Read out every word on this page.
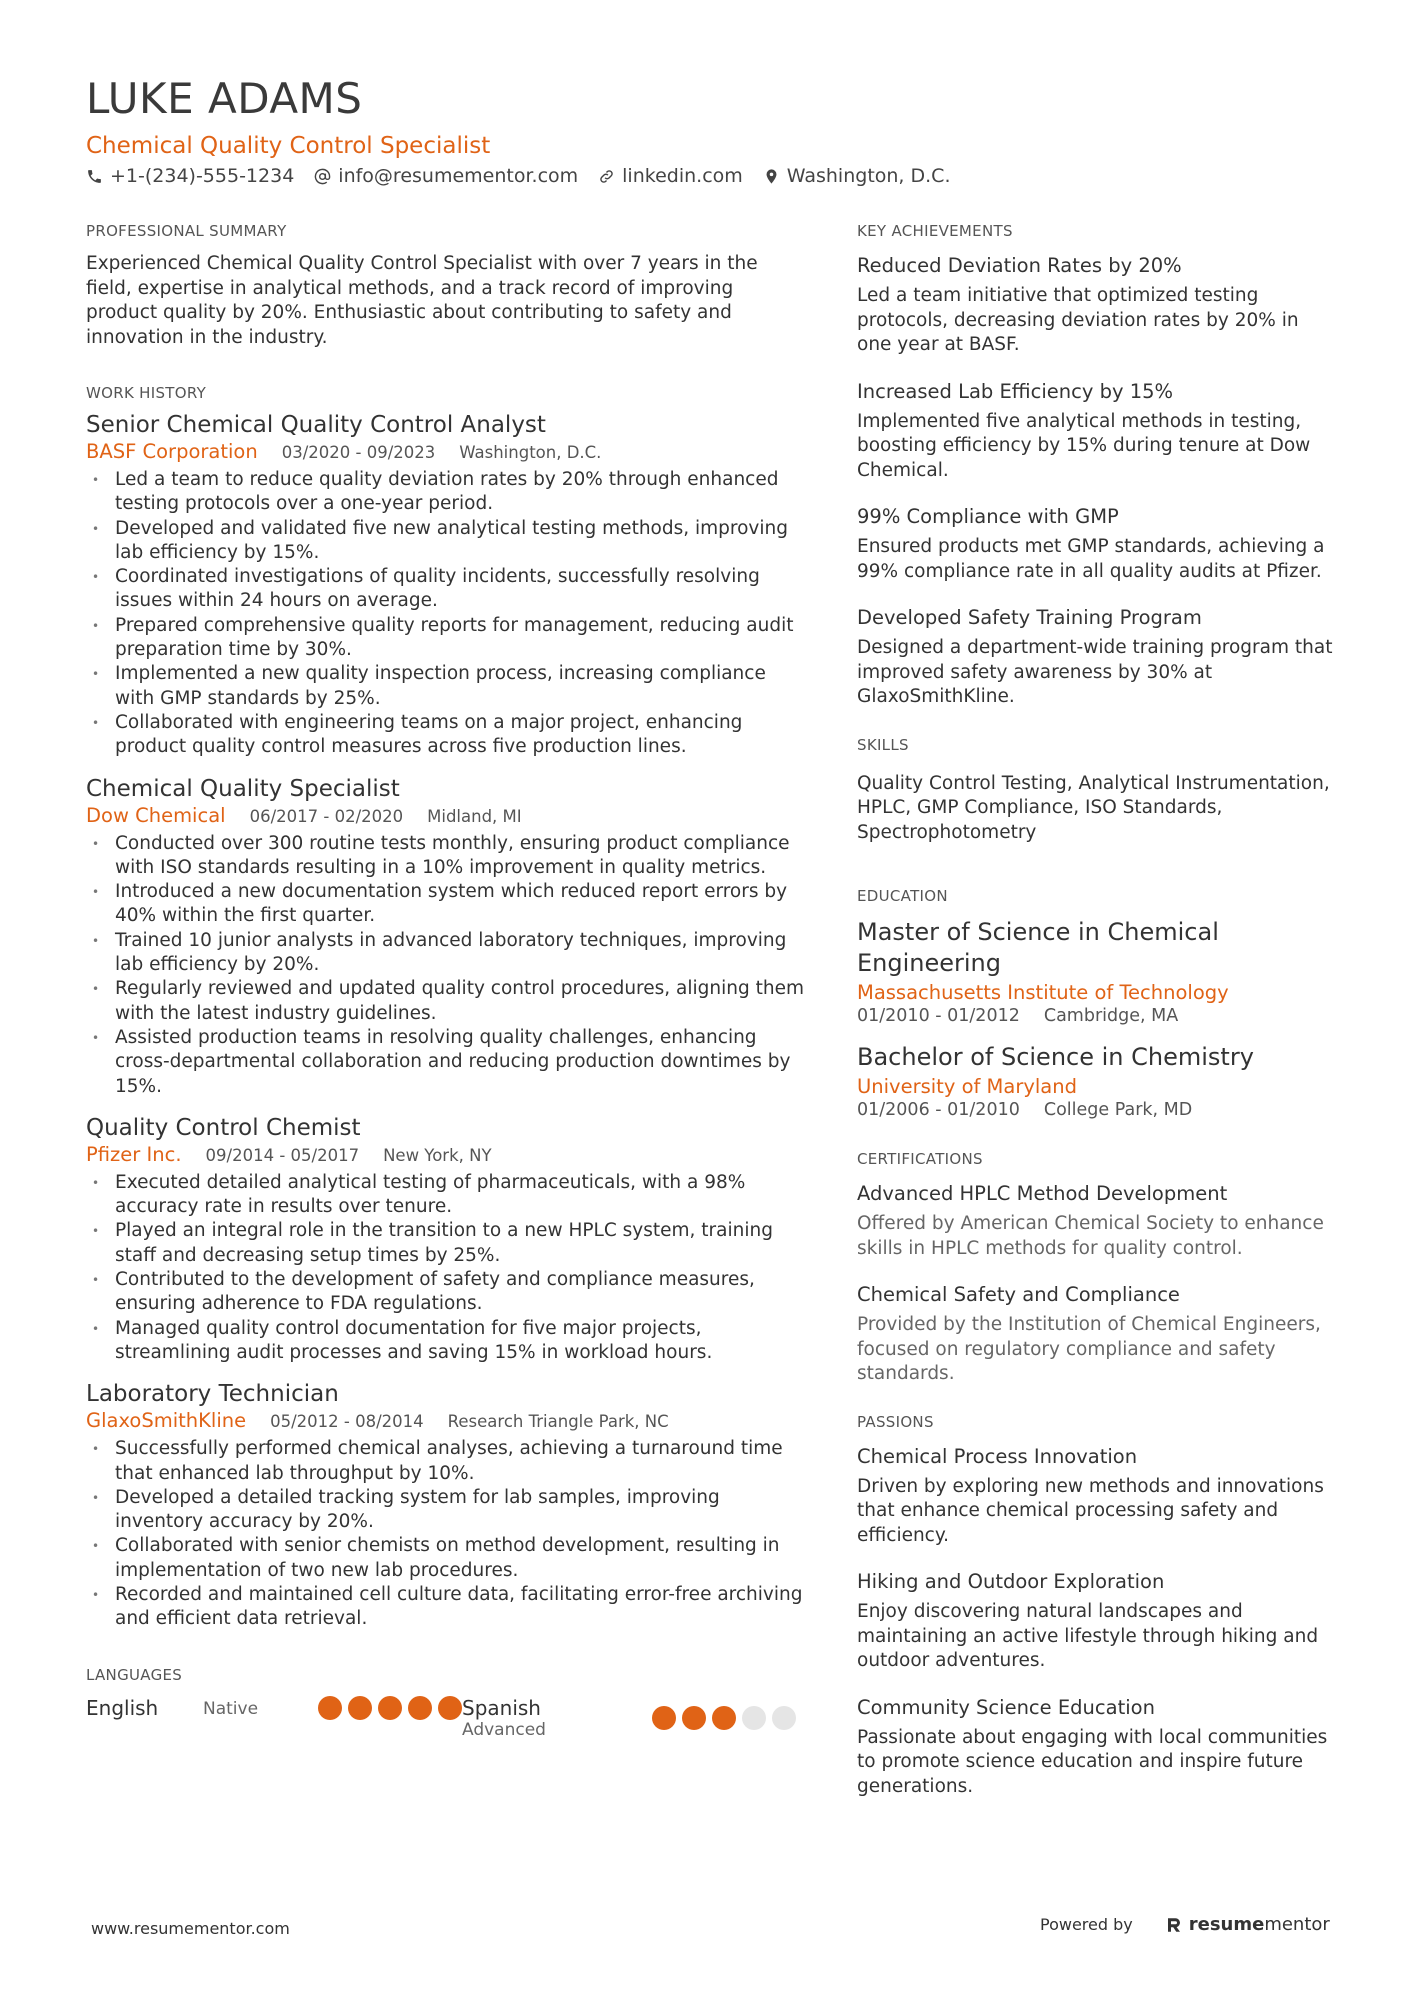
LUKE ADAMS
Chemical Quality Control Specialist
+1-(234)-555-1234 info@resumementor.com linkedin.com Washington, D.C.
PROFESSIONAL SUMMARY
Experienced Chemical Quality Control Specialist with over 7 years in the field, expertise in analytical methods, and a track record of improving product quality by 20%. Enthusiastic about contributing to safety and innovation in the industry.
WORK HISTORY
Senior Chemical Quality Control Analyst
BASF Corporation 03/2020 - 09/2023 Washington, D.C.
• Led a team to reduce quality deviation rates by 20% through enhanced testing protocols over a one-year period.
• Developed and validated five new analytical testing methods, improving lab efficiency by 15%.
• Coordinated investigations of quality incidents, successfully resolving issues within 24 hours on average.
• Prepared comprehensive quality reports for management, reducing audit preparation time by 30%.
• Implemented a new quality inspection process, increasing compliance with GMP standards by 25%.
• Collaborated with engineering teams on a major project, enhancing product quality control measures across five production lines.
Chemical Quality Specialist
Dow Chemical 06/2017 - 02/2020 Midland, MI
• Conducted over 300 routine tests monthly, ensuring product compliance with ISO standards resulting in a 10% improvement in quality metrics.
• Introduced a new documentation system which reduced report errors by 40% within the first quarter.
• Trained 10 junior analysts in advanced laboratory techniques, improving lab efficiency by 20%.
• Regularly reviewed and updated quality control procedures, aligning them with the latest industry guidelines.
• Assisted production teams in resolving quality challenges, enhancing cross-departmental collaboration and reducing production downtimes by 15%.
Quality Control Chemist
Pfizer Inc. 09/2014 - 05/2017 New York, NY
• Executed detailed analytical testing of pharmaceuticals, with a 98% accuracy rate in results over tenure.
• Played an integral role in the transition to a new HPLC system, training staff and decreasing setup times by 25%.
• Contributed to the development of safety and compliance measures, ensuring adherence to FDA regulations.
• Managed quality control documentation for five major projects, streamlining audit processes and saving 15% in workload hours.
Laboratory Technician
GlaxoSmithKline 05/2012 - 08/2014 Research Triangle Park, NC
• Successfully performed chemical analyses, achieving a turnaround time that enhanced lab throughput by 10%.
• Developed a detailed tracking system for lab samples, improving inventory accuracy by 20%.
• Collaborated with senior chemists on method development, resulting in implementation of two new lab procedures.
• Recorded and maintained cell culture data, facilitating error-free archiving and efficient data retrieval.
LANGUAGES
English	Native	Spanish
Advanced
KEY ACHIEVEMENTS
Reduced Deviation Rates by 20%
Led a team initiative that optimized testing protocols, decreasing deviation rates by 20% in one year at BASF.
Increased Lab Efficiency by 15%
Implemented five analytical methods in testing, boosting efficiency by 15% during tenure at Dow Chemical.
99% Compliance with GMP
Ensured products met GMP standards, achieving a 99% compliance rate in all quality audits at Pfizer.
Developed Safety Training Program
Designed a department-wide training program that improved safety awareness by 30% at GlaxoSmithKline.
SKILLS
Quality Control Testing, Analytical Instrumentation, HPLC, GMP Compliance, ISO Standards, Spectrophotometry
EDUCATION
Master of Science in Chemical Engineering
Massachusetts Institute of Technology
01/2010 - 01/2012 Cambridge, MA
Bachelor of Science in Chemistry
University of Maryland
01/2006 - 01/2010 College Park, MD
CERTIFICATIONS
Advanced HPLC Method Development
Offered by American Chemical Society to enhance skills in HPLC methods for quality control.
Chemical Safety and Compliance
Provided by the Institution of Chemical Engineers, focused on regulatory compliance and safety standards.
PASSIONS
Chemical Process Innovation
Driven by exploring new methods and innovations that enhance chemical processing safety and efficiency.
Hiking and Outdoor Exploration
Enjoy discovering natural landscapes and maintaining an active lifestyle through hiking and outdoor adventures.
Community Science Education
Passionate about engaging with local communities to promote science education and inspire future generations.
www.resumementor.com	Powered by	resume mentor
